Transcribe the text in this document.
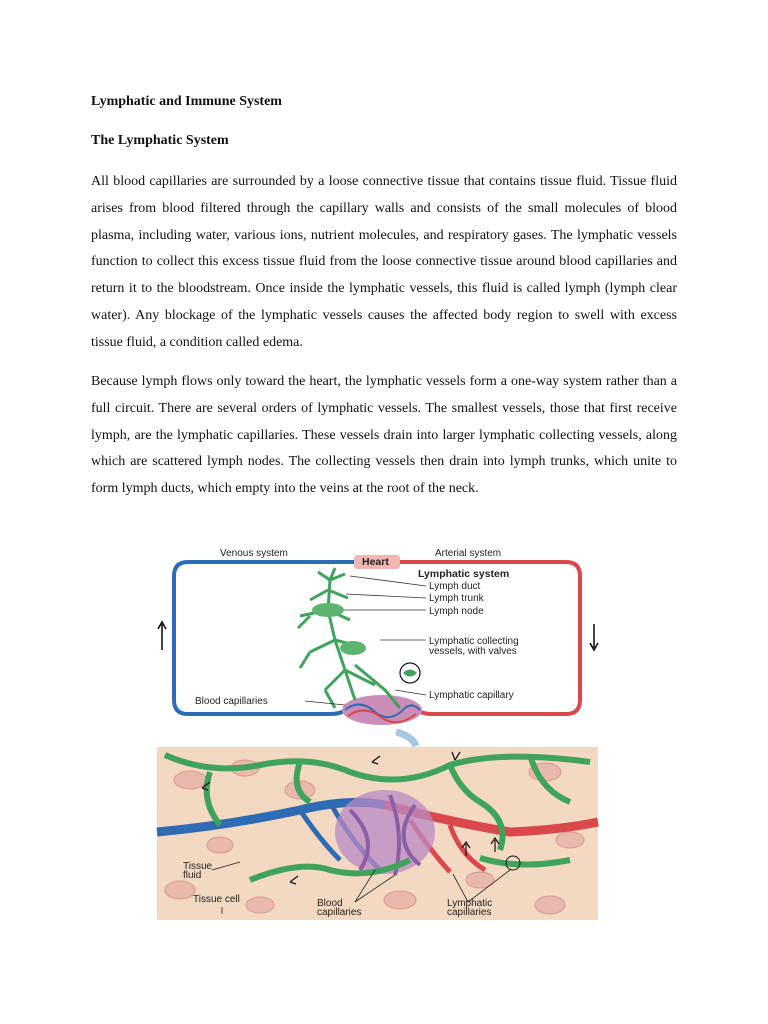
Lymphatic and Immune System

The Lymphatic System

All blood capillaries are surrounded by a loose connective tissue that contains tissue fluid. Tissue fluid arises from blood filtered through the capillary walls and consists of the small molecules of blood plasma, including water, various ions, nutrient molecules, and respiratory gases. The lymphatic vessels function to collect this excess tissue fluid from the loose connective tissue around blood capillaries and return it to the bloodstream. Once inside the lymphatic vessels, this fluid is called lymph (lymph clear water). Any blockage of the lymphatic vessels causes the affected body region to swell with excess tissue fluid, a condition called edema.

Because lymph flows only toward the heart, the lymphatic vessels form a one-way system rather than a full circuit. There are several orders of lymphatic vessels. The smallest vessels, those that first receive lymph, are the lymphatic capillaries. These vessels drain into larger lymphatic collecting vessels, along which are scattered lymph nodes. The collecting vessels then drain into lymph trunks, which unite to form lymph ducts, which empty into the veins at the root of the neck.

Venous system
Heart
Arterial system
Lymphatic system
Lymph duct
Lymph trunk
Lymph node
Lymphatic collecting
vessels, with valves
Lymphatic capillary
Blood capillaries
Tissue
fluid
Tissue cell	Blood
capillaries
Lymphatic
capillaries
